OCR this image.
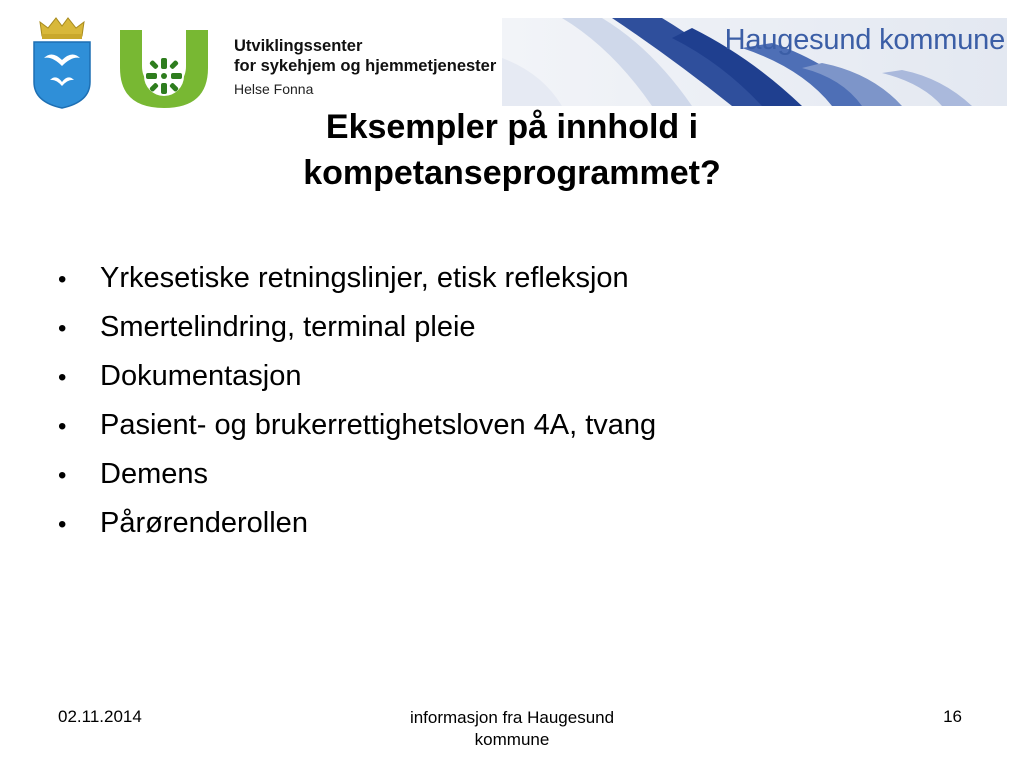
Utviklingssenter
for sykehjem og hjemmetjenester
Helse Fonna
Haugesund kommune
Eksempler på innhold i
kompetanseprogrammet?
•	Yrkesetiske retningslinjer, etisk refleksjon
•	Smertelindring, terminal pleie
•	Dokumentasjon
•	Pasient- og brukerrettighetsloven 4A, tvang
•	Demens
•	Pårørenderollen
02.11.2014	informasjon fra Haugesund
kommune
16
